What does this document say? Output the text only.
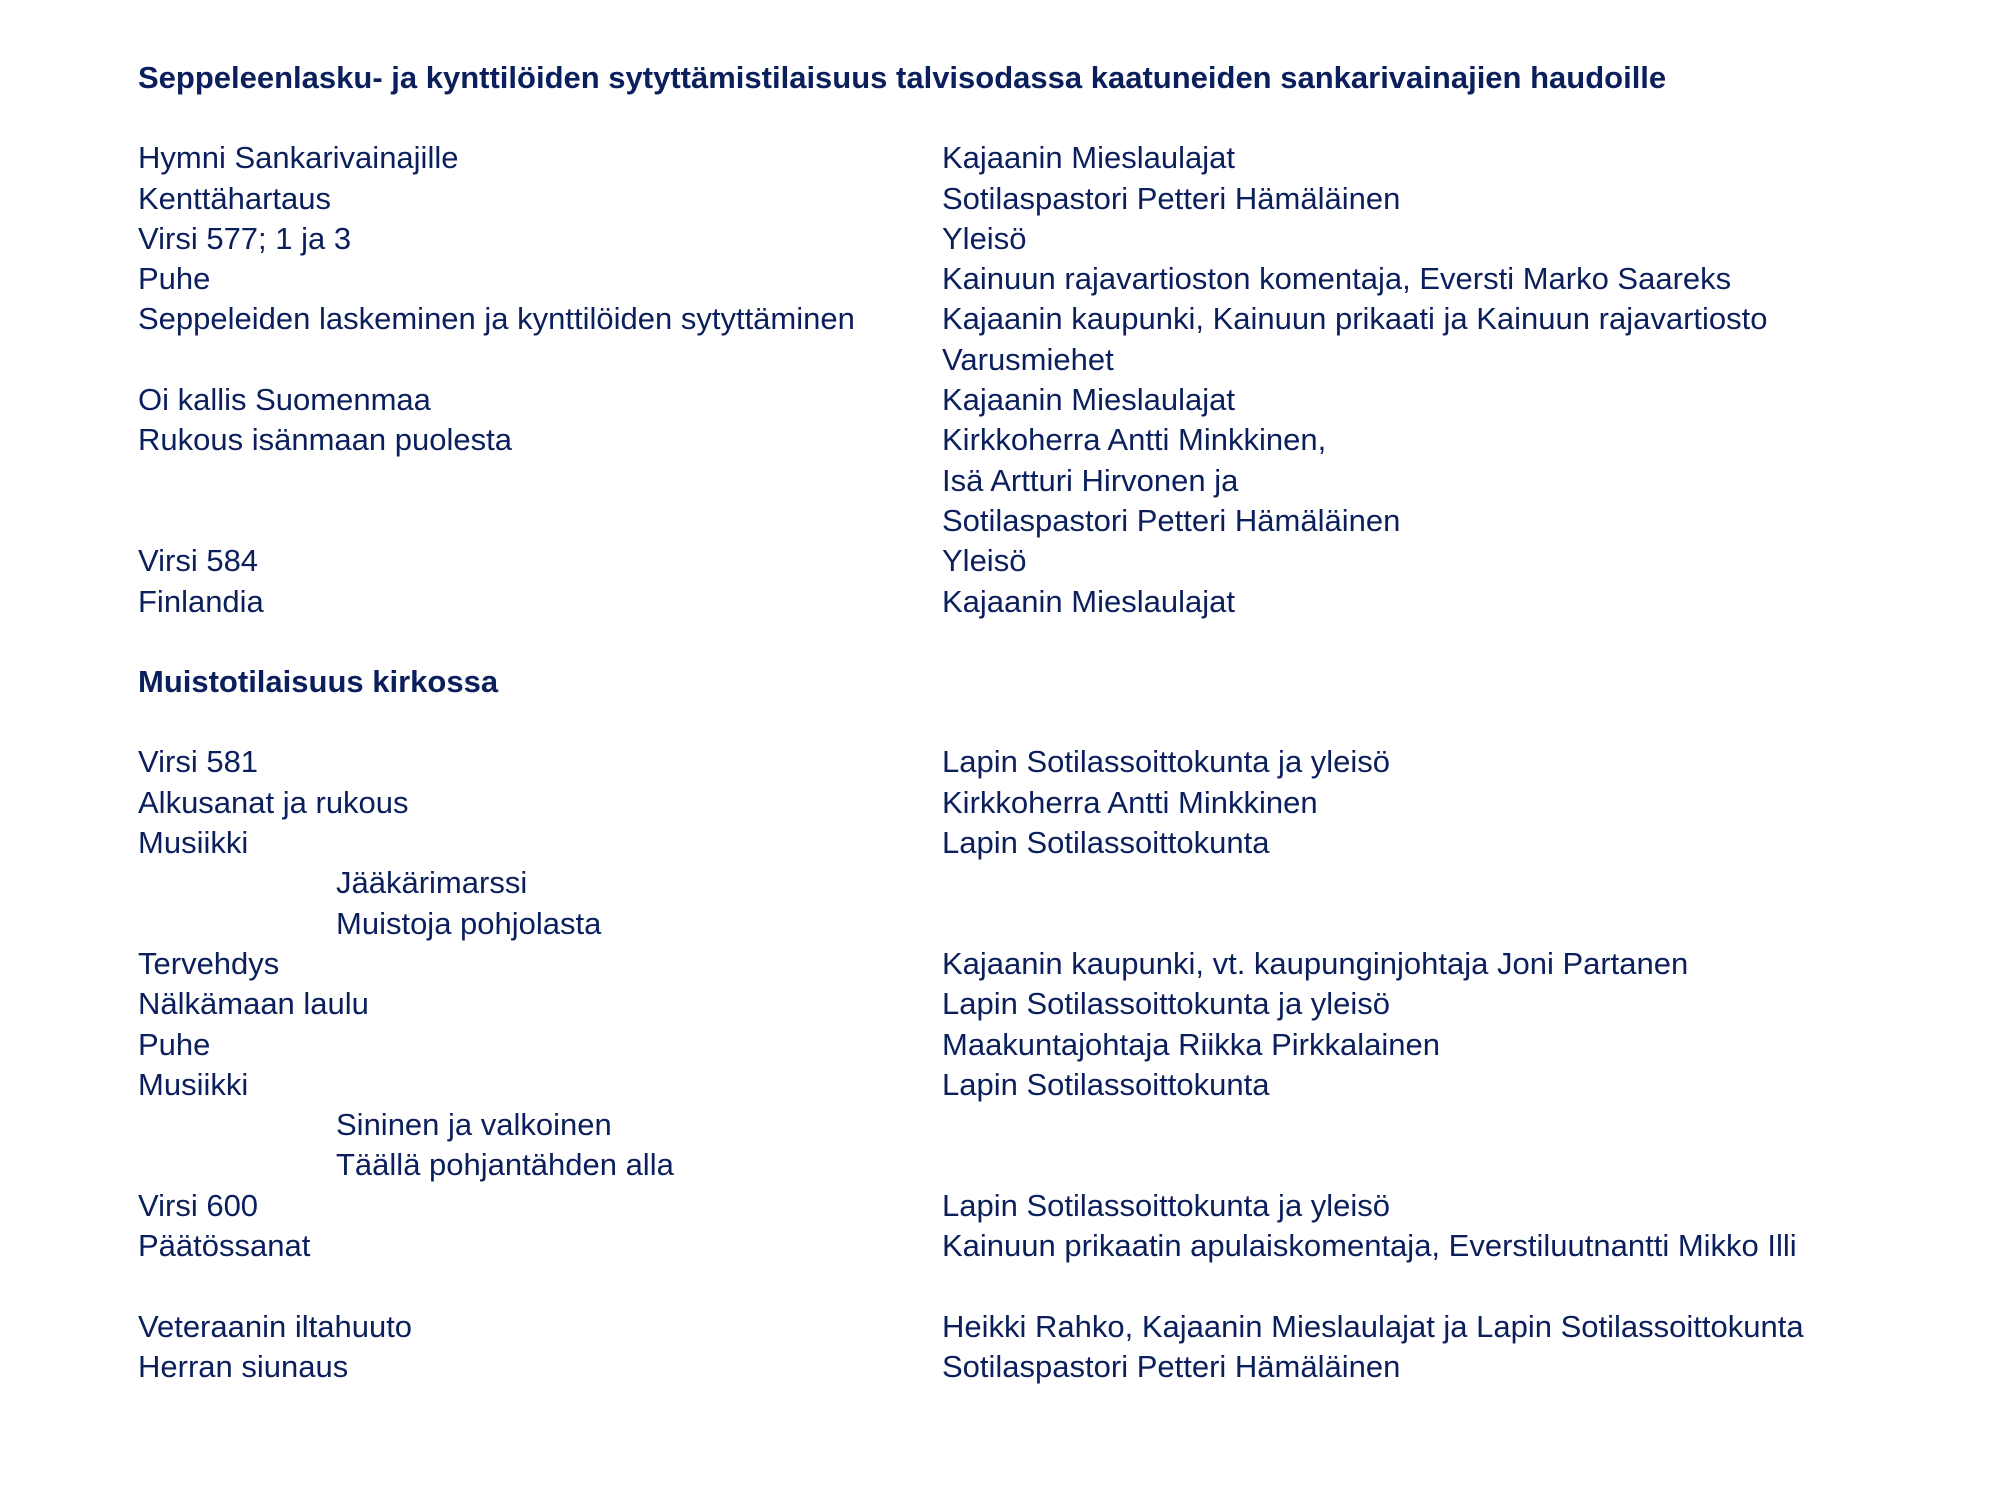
Seppeleenlasku- ja kynttilöiden sytyttämistilaisuus talvisodassa kaatuneiden sankarivainajien haudoille
Hymni Sankarivainajille	Kajaanin Mieslaulajat
Kenttähartaus	Sotilaspastori Petteri Hämäläinen
Virsi 577; 1 ja 3	Yleisö
Puhe	Kainuun rajavartioston komentaja, Eversti Marko Saareks
Seppeleiden laskeminen ja kynttilöiden sytyttäminen	Kajaanin kaupunki, Kainuun prikaati ja Kainuun rajavartiosto
Varusmiehet
Oi kallis Suomenmaa	Kajaanin Mieslaulajat
Rukous isänmaan puolesta	Kirkkoherra Antti Minkkinen,
Isä Artturi Hirvonen ja
Sotilaspastori Petteri Hämäläinen
Virsi 584	Yleisö
Finlandia	Kajaanin Mieslaulajat
Muistotilaisuus kirkossa
Virsi 581	Lapin Sotilassoittokunta ja yleisö
Alkusanat ja rukous	Kirkkoherra Antti Minkkinen
Musiikki	Lapin Sotilassoittokunta
Jääkärimarssi
Muistoja pohjolasta
Tervehdys	Kajaanin kaupunki, vt. kaupunginjohtaja Joni Partanen
Nälkämaan laulu	Lapin Sotilassoittokunta ja yleisö
Puhe	Maakuntajohtaja Riikka Pirkkalainen
Musiikki	Lapin Sotilassoittokunta
Sininen ja valkoinen
Täällä pohjantähden alla
Virsi 600	Lapin Sotilassoittokunta ja yleisö
Päätössanat	Kainuun prikaatin apulaiskomentaja, Everstiluutnantti Mikko Illi
Veteraanin iltahuuto	Heikki Rahko, Kajaanin Mieslaulajat ja Lapin Sotilassoittokunta
Herran siunaus	Sotilaspastori Petteri Hämäläinen
